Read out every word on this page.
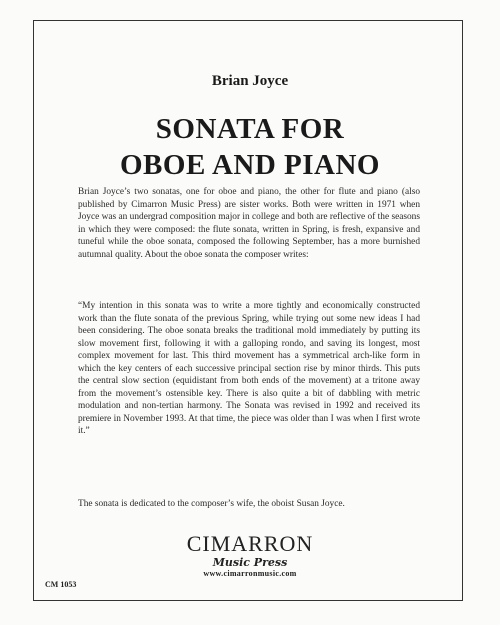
Brian Joyce
SONATA FOR
OBOE AND PIANO
Brian Joyce’s two sonatas, one for oboe and piano, the other for flute and piano (also published by Cimarron Music Press) are sister works. Both were written in 1971 when Joyce was an undergrad composition major in college and both are reflective of the seasons in which they were composed: the flute sonata, written in Spring, is fresh, expansive and tuneful while the oboe sonata, composed the following September, has a more burnished autumnal quality. About the oboe sonata the composer writes:
“My intention in this sonata was to write a more tightly and economically constructed work than the flute sonata of the previous Spring, while trying out some new ideas I had been considering. The oboe sonata breaks the traditional mold immediately by putting its slow movement first, following it with a galloping rondo, and saving its longest, most complex movement for last. This third movement has a symmetrical arch-like form in which the key centers of each successive principal section rise by minor thirds. This puts the central slow section (equidistant from both ends of the movement) at a tritone away from the movement’s ostensible key. There is also quite a bit of dabbling with metric modulation and non-tertian harmony. The Sonata was revised in 1992 and received its premiere in November 1993. At that time, the piece was older than I was when I first wrote it.”
The sonata is dedicated to the composer’s wife, the oboist Susan Joyce.
CIMARRON
Music Press
www.cimarronmusic.com
CM 1053
